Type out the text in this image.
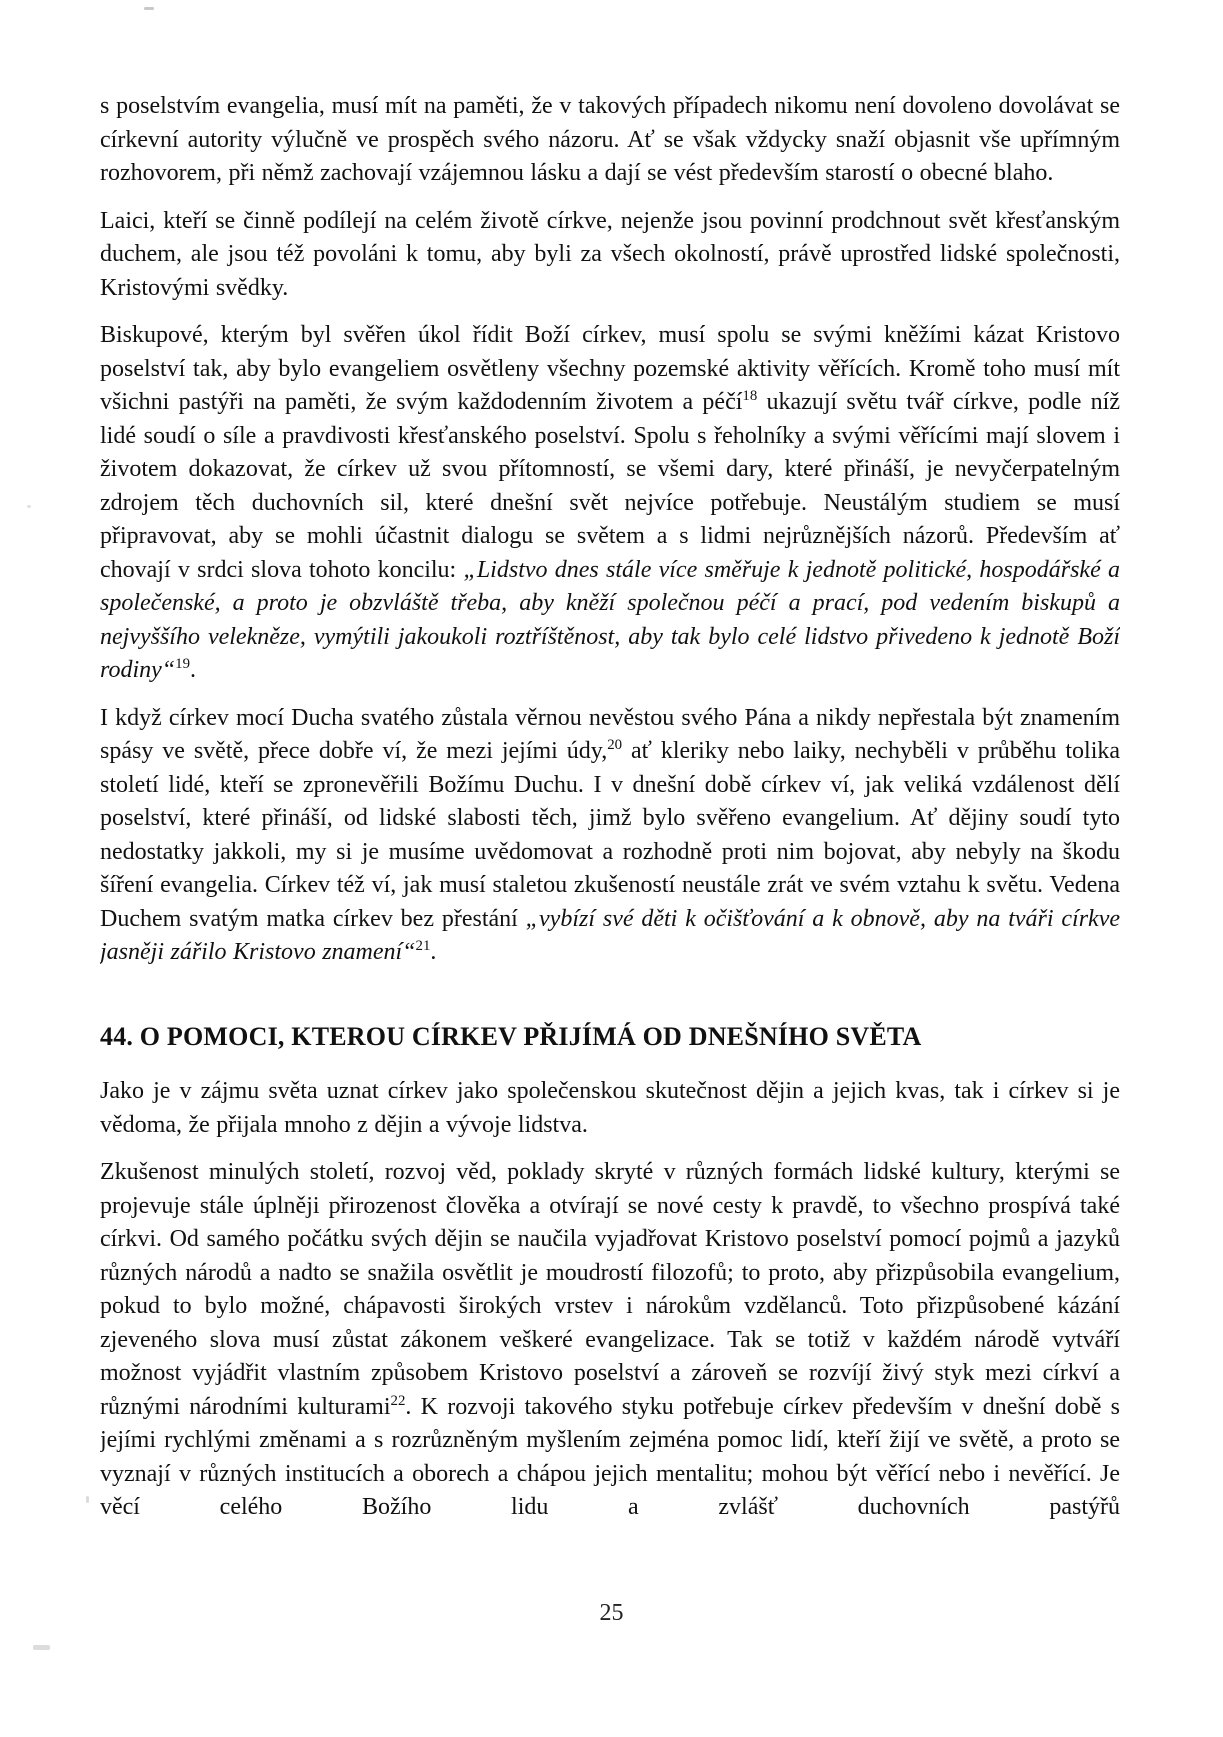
s poselstvím evangelia, musí mít na paměti, že v takových případech nikomu není dovoleno dovolávat se církevní autority výlučně ve prospěch svého názoru. Ať se však vždycky snaží objasnit vše upřímným rozhovorem, při němž zachovají vzájemnou lásku a dají se vést především starostí o obecné blaho.

Laici, kteří se činně podílejí na celém životě církve, nejenže jsou povinní prodchnout svět křesťanským duchem, ale jsou též povoláni k tomu, aby byli za všech okolností, právě uprostřed lidské společnosti, Kristovými svědky.

Biskupové, kterým byl svěřen úkol řídit Boží církev, musí spolu se svými kněžími kázat Kristovo poselství tak, aby bylo evangeliem osvětleny všechny pozemské aktivity věřících. Kromě toho musí mít všichni pastýři na paměti, že svým každodenním životem a péčí$^{18}$ ukazují světu tvář církve, podle níž lidé soudí o síle a pravdivosti křesťanského poselství. Spolu s řeholníky a svými věřícími mají slovem i životem dokazovat, že církev už svou přítomností, se všemi dary, které přináší, je nevyčerpatelným zdrojem těch duchovních sil, které dnešní svět nejvíce potřebuje. Neustálým studiem se musí připravovat, aby se mohli účastnit dialogu se světem a s lidmi nejrůznějších názorů. Především ať chovají v srdci slova tohoto koncilu: „Lidstvo dnes stále více směřuje k jednotě politické, hospodářské a společenské, a proto je obzvláště třeba, aby kněží společnou péčí a prací, pod vedením biskupů a nejvyššího velekněze, vymýtili jakoukoli roztříštěnost, aby tak bylo celé lidstvo přivedeno k jednotě Boží rodiny“$^{19}$.

I když církev mocí Ducha svatého zůstala věrnou nevěstou svého Pána a nikdy nepřestala být znamením spásy ve světě, přece dobře ví, že mezi jejími údy,$^{20}$ ať kleriky nebo laiky, nechyběli v průběhu tolika století lidé, kteří se zpronevěřili Božímu Duchu. I v dnešní době církev ví, jak veliká vzdálenost dělí poselství, které přináší, od lidské slabosti těch, jimž bylo svěřeno evangelium. Ať dějiny soudí tyto nedostatky jakkoli, my si je musíme uvědomovat a rozhodně proti nim bojovat, aby nebyly na škodu šíření evangelia. Církev též ví, jak musí staletou zkušeností neustále zrát ve svém vztahu k světu. Vedena Duchem svatým matka církev bez přestání „vybízí své děti k očišťování a k obnově, aby na tváři církve jasněji zářilo Kristovo znamení“$^{21}$.

44. O POMOCI, KTEROU CÍRKEV PŘIJÍMÁ OD DNEŠNÍHO SVĚTA

Jako je v zájmu světa uznat církev jako společenskou skutečnost dějin a jejich kvas, tak i církev si je vědoma, že přijala mnoho z dějin a vývoje lidstva.

Zkušenost minulých století, rozvoj věd, poklady skryté v různých formách lidské kultury, kterými se projevuje stále úplněji přirozenost člověka a otvírají se nové cesty k pravdě, to všechno prospívá také církvi. Od samého počátku svých dějin se naučila vyjadřovat Kristovo poselství pomocí pojmů a jazyků různých národů a nadto se snažila osvětlit je moudrostí filozofů; to proto, aby přizpůsobila evangelium, pokud to bylo možné, chápavosti širokých vrstev i nárokům vzdělanců. Toto přizpůsobené kázání zjeveného slova musí zůstat zákonem veškeré evangelizace. Tak se totiž v každém národě vytváří možnost vyjádřit vlastním způsobem Kristovo poselství a zároveň se rozvíjí živý styk mezi církví a různými národními kulturami$^{22}$. K rozvoji takového styku potřebuje církev především v dnešní době s jejími rychlými změnami a s rozrůzněným myšlením zejména pomoc lidí, kteří žijí ve světě, a proto se vyznají v různých institucích a oborech a chápou jejich mentalitu; mohou být věřící nebo i nevěřící. Je věcí celého Božího lidu a zvlášť duchovních pastýřů

25
